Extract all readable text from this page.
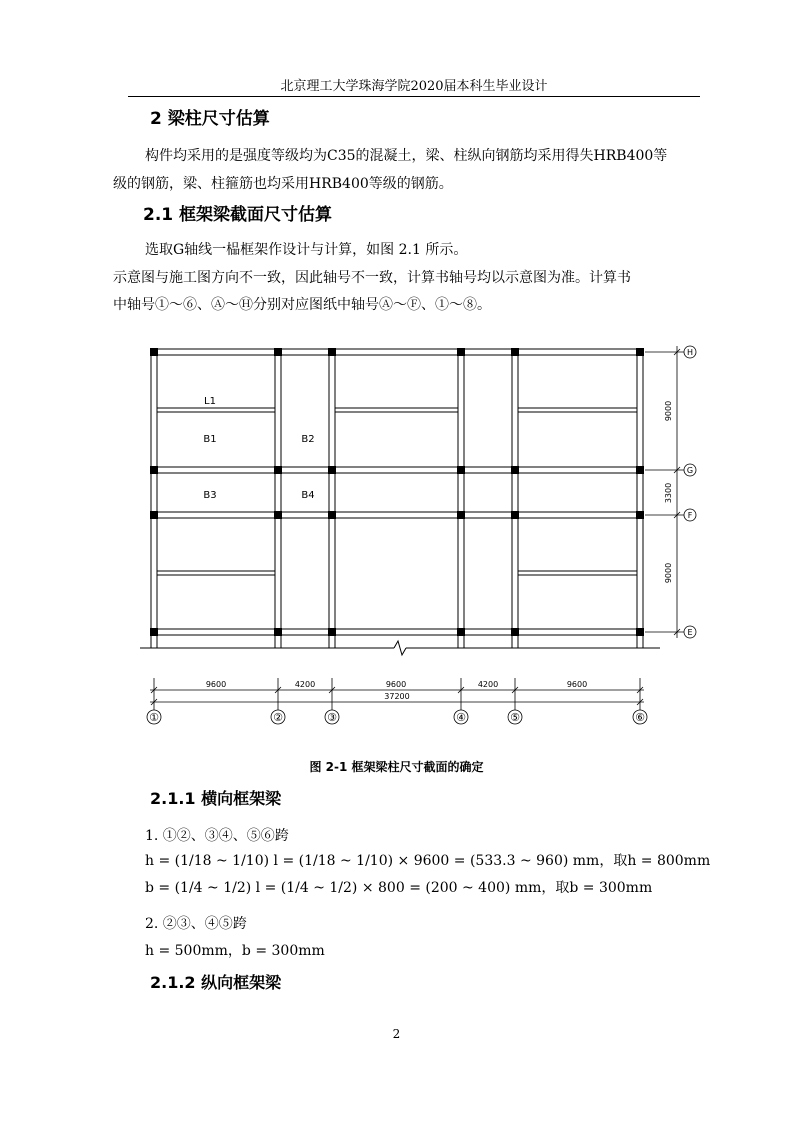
北京理工大学珠海学院2020届本科生毕业设计
2 梁柱尺寸估算
构件均采用的是强度等级均为C35的混凝土，梁、柱纵向钢筋均采用得失HRB400等
级的钢筋，梁、柱箍筋也均采用HRB400等级的钢筋。
2.1 框架梁截面尺寸估算
选取G轴线一榀框架作设计与计算，如图 2.1 所示。
示意图与施工图方向不一致，因此轴号不一致，计算书轴号均以示意图为准。计算书
中轴号①～⑥、Ⓐ～Ⓗ分别对应图纸中轴号Ⓐ～Ⓕ、①～⑧。
L1
B1	B2
B3	B4
9000
3300
9000
H
G
F
E
9600	4200	9600	4200	9600
37200
①	②	③	④	⑤	⑥
图 2-1 框架梁柱尺寸截面的确定
2.1.1 横向框架梁
1. ①②、③④、⑤⑥跨
h = (1/18 ~ 1/10) l = (1/18 ~ 1/10) × 9600 = (533.3 ~ 960) mm，取h = 800mm
b = (1/4 ~ 1/2) l = (1/4 ~ 1/2) × 800 = (200 ~ 400) mm，取b = 300mm
2. ②③、④⑤跨
h = 500mm，b = 300mm
2.1.2 纵向框架梁
2
